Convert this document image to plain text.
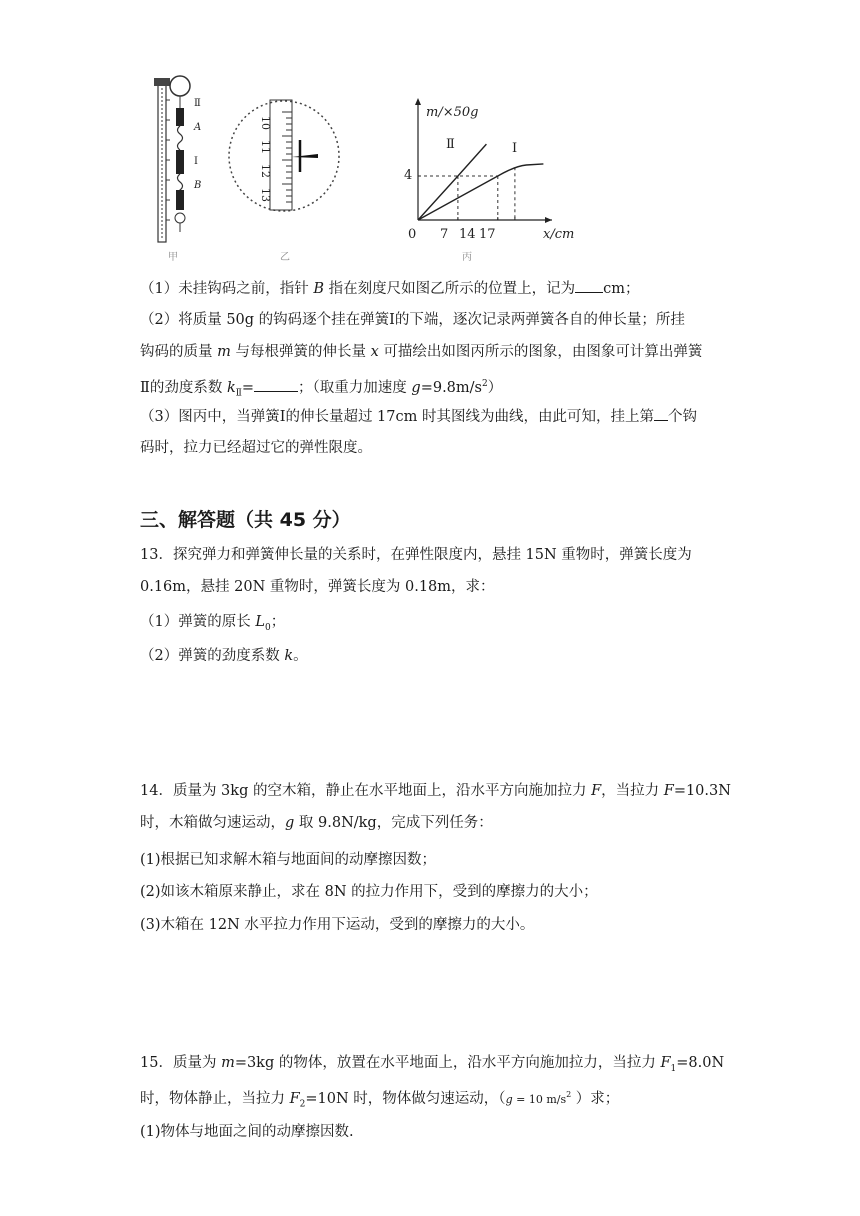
Ⅱ
A
Ⅰ
B
甲
10
11
12
13
乙
m/×50g
x/cm
0
4
7 14 17
Ⅱ	Ⅰ
丙
（1）未挂钩码之前，指针 B 指在刻度尺如图乙所示的位置上，记为 cm；
（2）将质量 50g 的钩码逐个挂在弹簧Ⅰ的下端，逐次记录两弹簧各自的伸长量；所挂
钩码的质量 m 与每根弹簧的伸长量 x 可描绘出如图丙所示的图象，由图象可计算出弹簧
Ⅱ的劲度系数 $k_Ⅱ=$	；（取重力加速度 $g=9.8m/s^2$）
（3）图丙中，当弹簧Ⅰ的伸长量超过 17cm 时其图线为曲线，由此可知，挂上第 个钩
码时，拉力已经超过它的弹性限度。
三、解答题（共 45 分）
13．探究弹力和弹簧伸长量的关系时，在弹性限度内，悬挂 15N 重物时，弹簧长度为
0.16m，悬挂 20N 重物时，弹簧长度为 0.18m，求：
（1）弹簧的原长 $L_0$；
（2）弹簧的劲度系数 k。
14．质量为 3kg 的空木箱，静止在水平地面上，沿水平方向施加拉力 F，当拉力 F=10.3N
时，木箱做匀速运动，g 取 9.8N/kg，完成下列任务：
(1)根据已知求解木箱与地面间的动摩擦因数；
(2)如该木箱原来静止，求在 8N 的拉力作用下，受到的摩擦力的大小；
(3)木箱在 12N 水平拉力作用下运动，受到的摩擦力的大小。
15．质量为 m=3kg 的物体，放置在水平地面上，沿水平方向施加拉力，当拉力 $F_1=8.0N$
时，物体静止，当拉力 $F_2=10N$ 时，物体做匀速运动，（g = 10 $m/s^2$ ）求；
(1)物体与地面之间的动摩擦因数.
